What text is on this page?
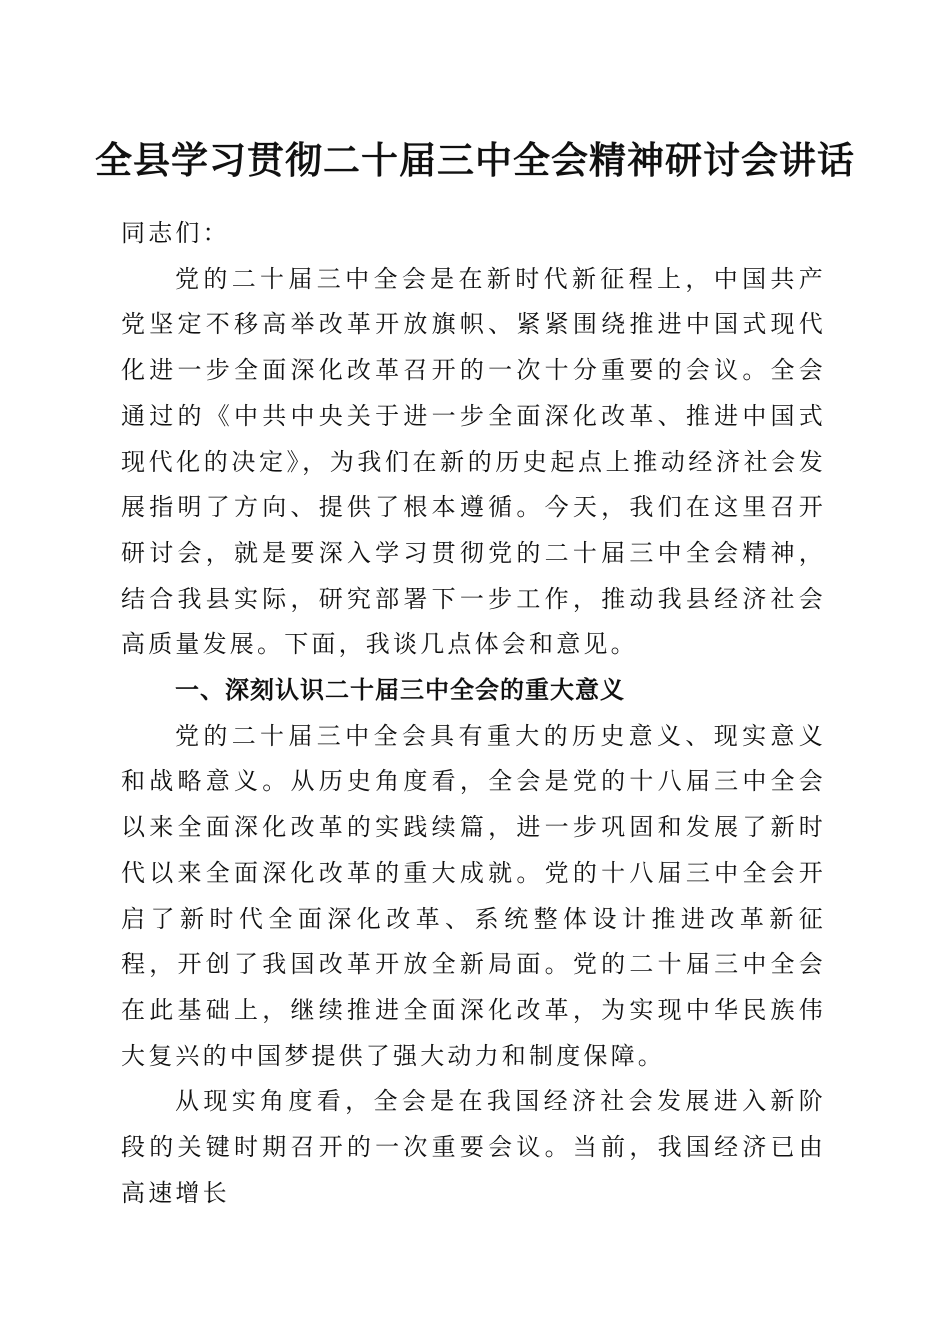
全县学习贯彻二十届三中全会精神研讨会讲话

同志们：

党的二十届三中全会是在新时代新征程上，中国共产党坚定不移高举改革开放旗帜、紧紧围绕推进中国式现代化进一步全面深化改革召开的一次十分重要的会议。全会通过的《中共中央关于进一步全面深化改革、推进中国式现代化的决定》，为我们在新的历史起点上推动经济社会发展指明了方向、提供了根本遵循。今天，我们在这里召开研讨会，就是要深入学习贯彻党的二十届三中全会精神，结合我县实际，研究部署下一步工作，推动我县经济社会高质量发展。下面，我谈几点体会和意见。

一、深刻认识二十届三中全会的重大意义

党的二十届三中全会具有重大的历史意义、现实意义和战略意义。从历史角度看，全会是党的十八届三中全会以来全面深化改革的实践续篇，进一步巩固和发展了新时代以来全面深化改革的重大成就。党的十八届三中全会开启了新时代全面深化改革、系统整体设计推进改革新征程，开创了我国改革开放全新局面。党的二十届三中全会在此基础上，继续推进全面深化改革，为实现中华民族伟大复兴的中国梦提供了强大动力和制度保障。

从现实角度看，全会是在我国经济社会发展进入新阶段的关键时期召开的一次重要会议。当前，我国经济已由高速增长
